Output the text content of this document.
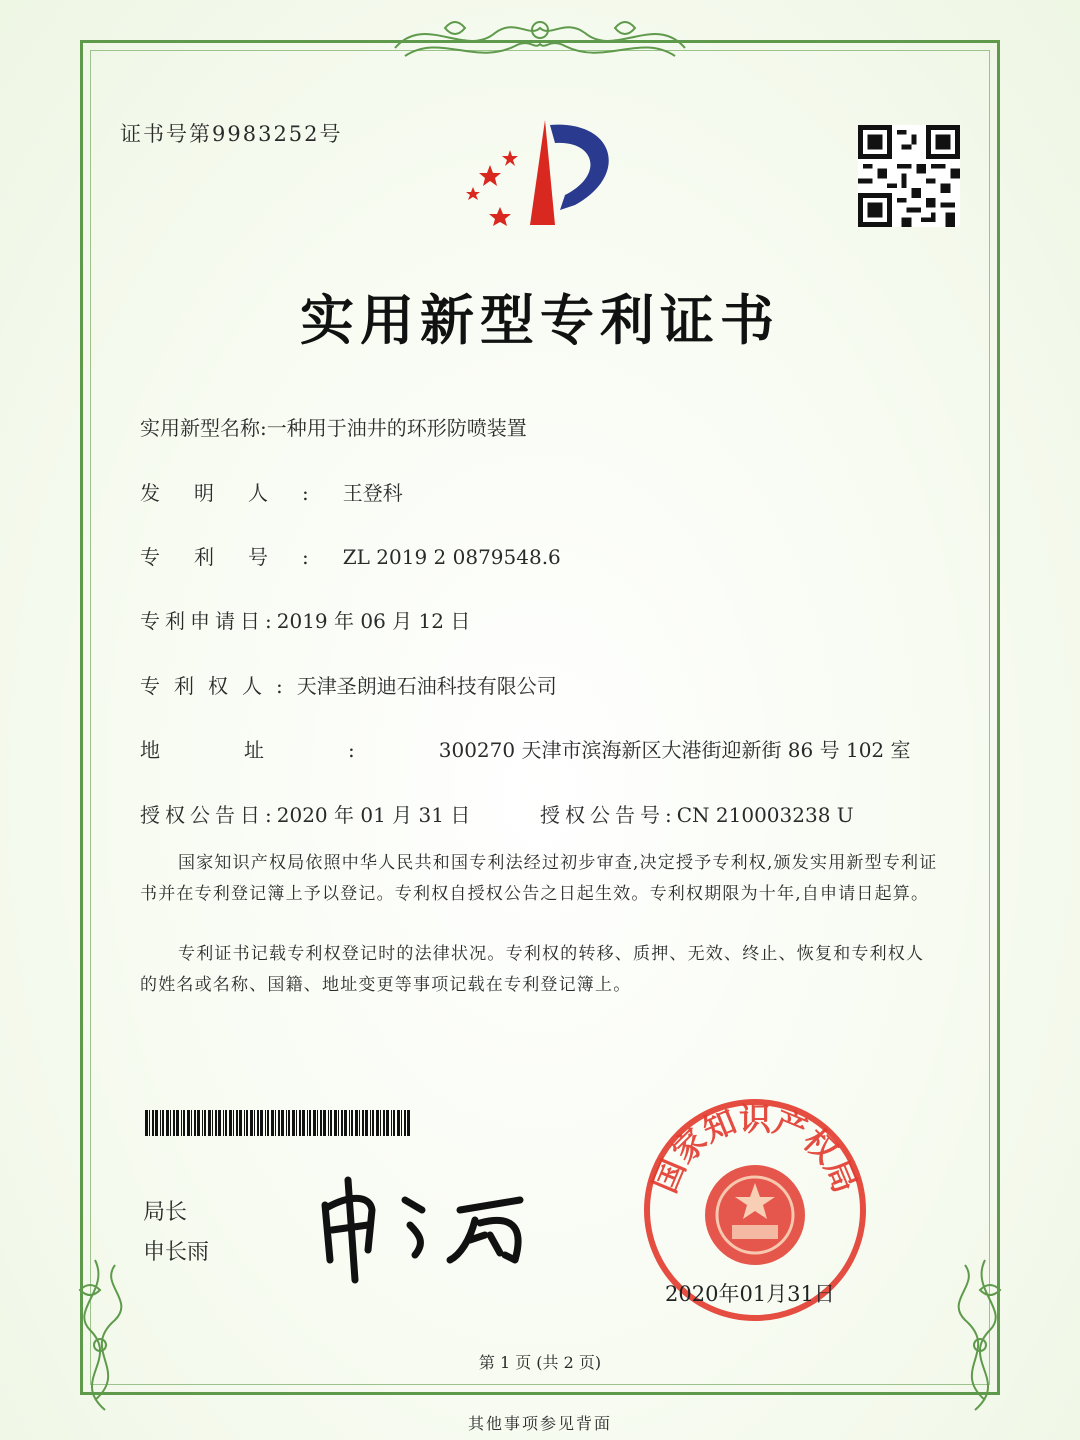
证书号第9983252号
实用新型专利证书
实用新型名称:一种用于油井的环形防喷装置
发明人:王登科
专利号:ZL 2019 2 0879548.6
专利申请日:2019 年 06 月 12 日
专利权人:天津圣朗迪石油科技有限公司
地址:300270 天津市滨海新区大港街迎新街 86 号 102 室
授权公告日:2020 年 01 月 31 日	授权公告号:CN 210003238 U
国家知识产权局依照中华人民共和国专利法经过初步审查,决定授予专利权,颁发实用新型专利证书并在专利登记簿上予以登记。专利权自授权公告之日起生效。专利权期限为十年,自申请日起算。
专利证书记载专利权登记时的法律状况。专利权的转移、质押、无效、终止、恢复和专利权人的姓名或名称、国籍、地址变更等事项记载在专利登记簿上。
局长
申长雨
国家知识产权局
2020年01月31日
第 1 页 (共 2 页)
其他事项参见背面
